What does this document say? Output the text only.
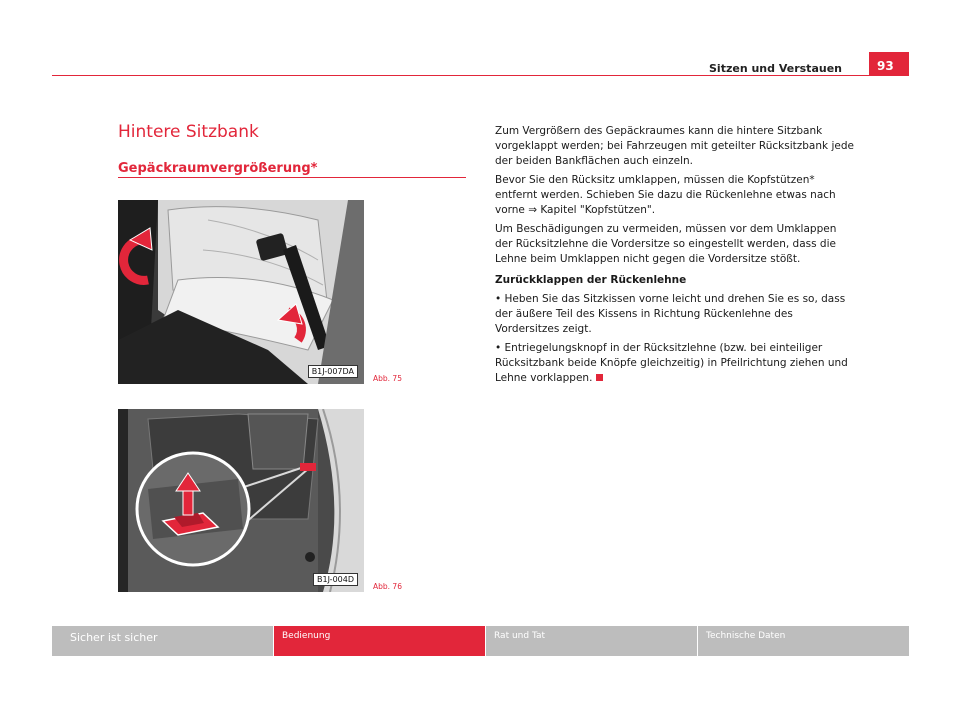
Sitzen und Verstauen	93
Hintere Sitzbank
Gepäckraumvergrößerung*
B1J-007DA
Abb. 75
B1J-004D
Abb. 76

Zum Vergrößern des Gepäckraumes kann die hintere Sitzbank vorgeklappt werden; bei Fahrzeugen mit geteilter Rücksitzbank jede der beiden Bankflächen auch einzeln.

Bevor Sie den Rücksitz umklappen, müssen die Kopfstützen* entfernt werden. Schieben Sie dazu die Rückenlehne etwas nach vorne ⇒ Kapitel "Kopfstützen".

Um Beschädigungen zu vermeiden, müssen vor dem Umklappen der Rücksitzlehne die Vordersitze so eingestellt werden, dass die Lehne beim Umklappen nicht gegen die Vordersitze stößt.

Zurückklappen der Rückenlehne

• Heben Sie das Sitzkissen vorne leicht und drehen Sie es so, dass der äußere Teil des Kissens in Richtung Rückenlehne des Vordersitzes zeigt.

• Entriegelungsknopf in der Rücksitzlehne (bzw. bei einteiliger Rücksitzbank beide Knöpfe gleichzeitig) in Pfeilrichtung ziehen und Lehne vorklappen.

Sicher ist sicher	Bedienung	Rat und Tat	Technische Daten
